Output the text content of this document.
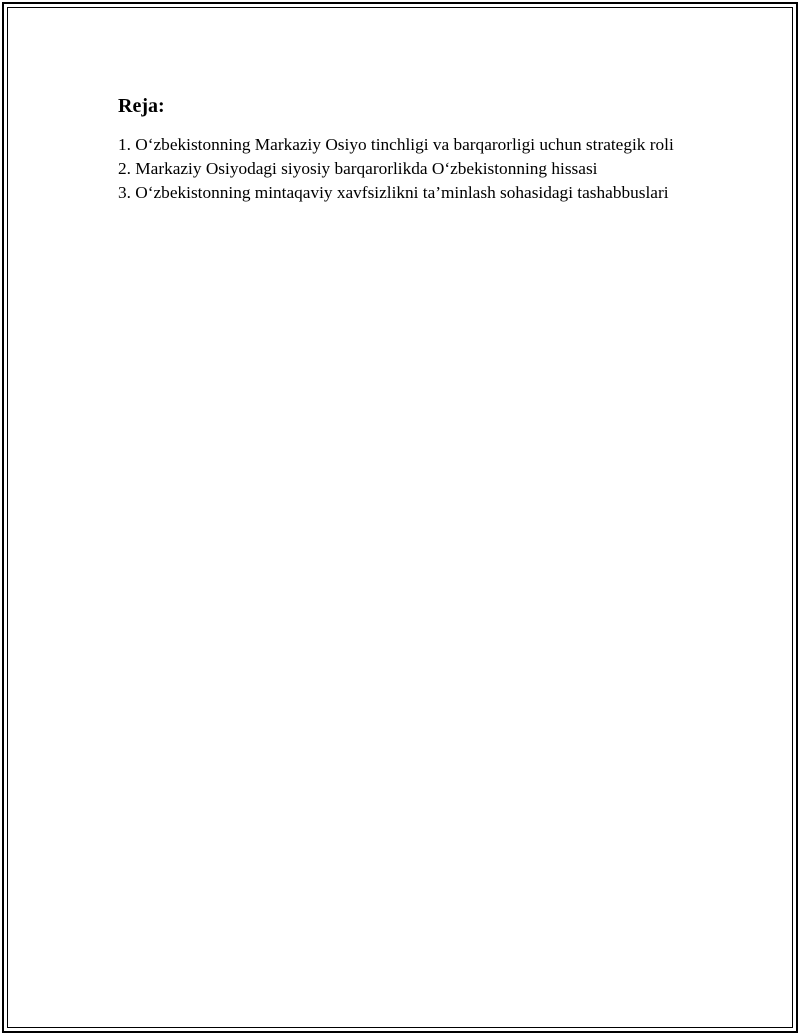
Reja:
1. O‘zbekistonning Markaziy Osiyo tinchligi va barqarorligi uchun strategik roli
2. Markaziy Osiyodagi siyosiy barqarorlikda O‘zbekistonning hissasi
3. O‘zbekistonning mintaqaviy xavfsizlikni ta’minlash sohasidagi tashabbuslari
